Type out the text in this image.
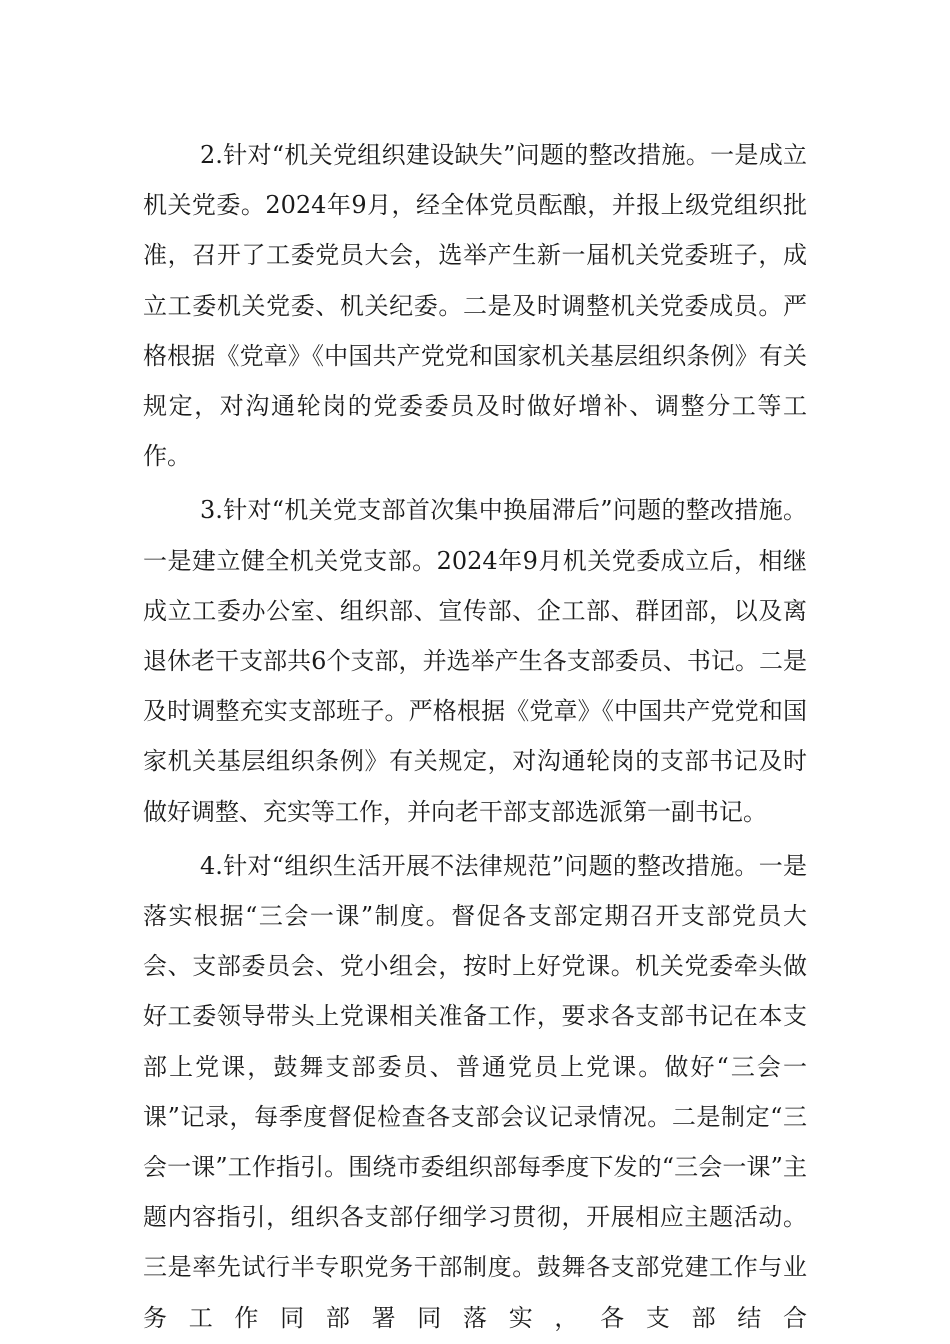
2.针对“机关党组织建设缺失”问题的整改措施。一是成立机关党委。2024年9月，经全体党员酝酿，并报上级党组织批准，召开了工委党员大会，选举产生新一届机关党委班子，成立工委机关党委、机关纪委。二是及时调整机关党委成员。严格根据《党章》《中国共产党党和国家机关基层组织条例》有关规定，对沟通轮岗的党委委员及时做好增补、调整分工等工作。

3.针对“机关党支部首次集中换届滞后”问题的整改措施。一是建立健全机关党支部。2024年9月机关党委成立后，相继成立工委办公室、组织部、宣传部、企工部、群团部，以及离退休老干支部共6个支部，并选举产生各支部委员、书记。二是及时调整充实支部班子。严格根据《党章》《中国共产党党和国家机关基层组织条例》有关规定，对沟通轮岗的支部书记及时做好调整、充实等工作，并向老干部支部选派第一副书记。

4.针对“组织生活开展不法律规范”问题的整改措施。一是落实根据“三会一课”制度。督促各支部定期召开支部党员大会、支部委员会、党小组会，按时上好党课。机关党委牵头做好工委领导带头上党课相关准备工作，要求各支部书记在本支部上党课，鼓舞支部委员、普通党员上党课。做好“三会一课”记录，每季度督促检查各支部会议记录情况。二是制定“三会一课”工作指引。围绕市委组织部每季度下发的“三会一课”主题内容指引，组织各支部仔细学习贯彻，开展相应主题活动。三是率先试行半专职党务干部制度。鼓舞各支部党建工作与业务工作同部署同落实，各支部结合
